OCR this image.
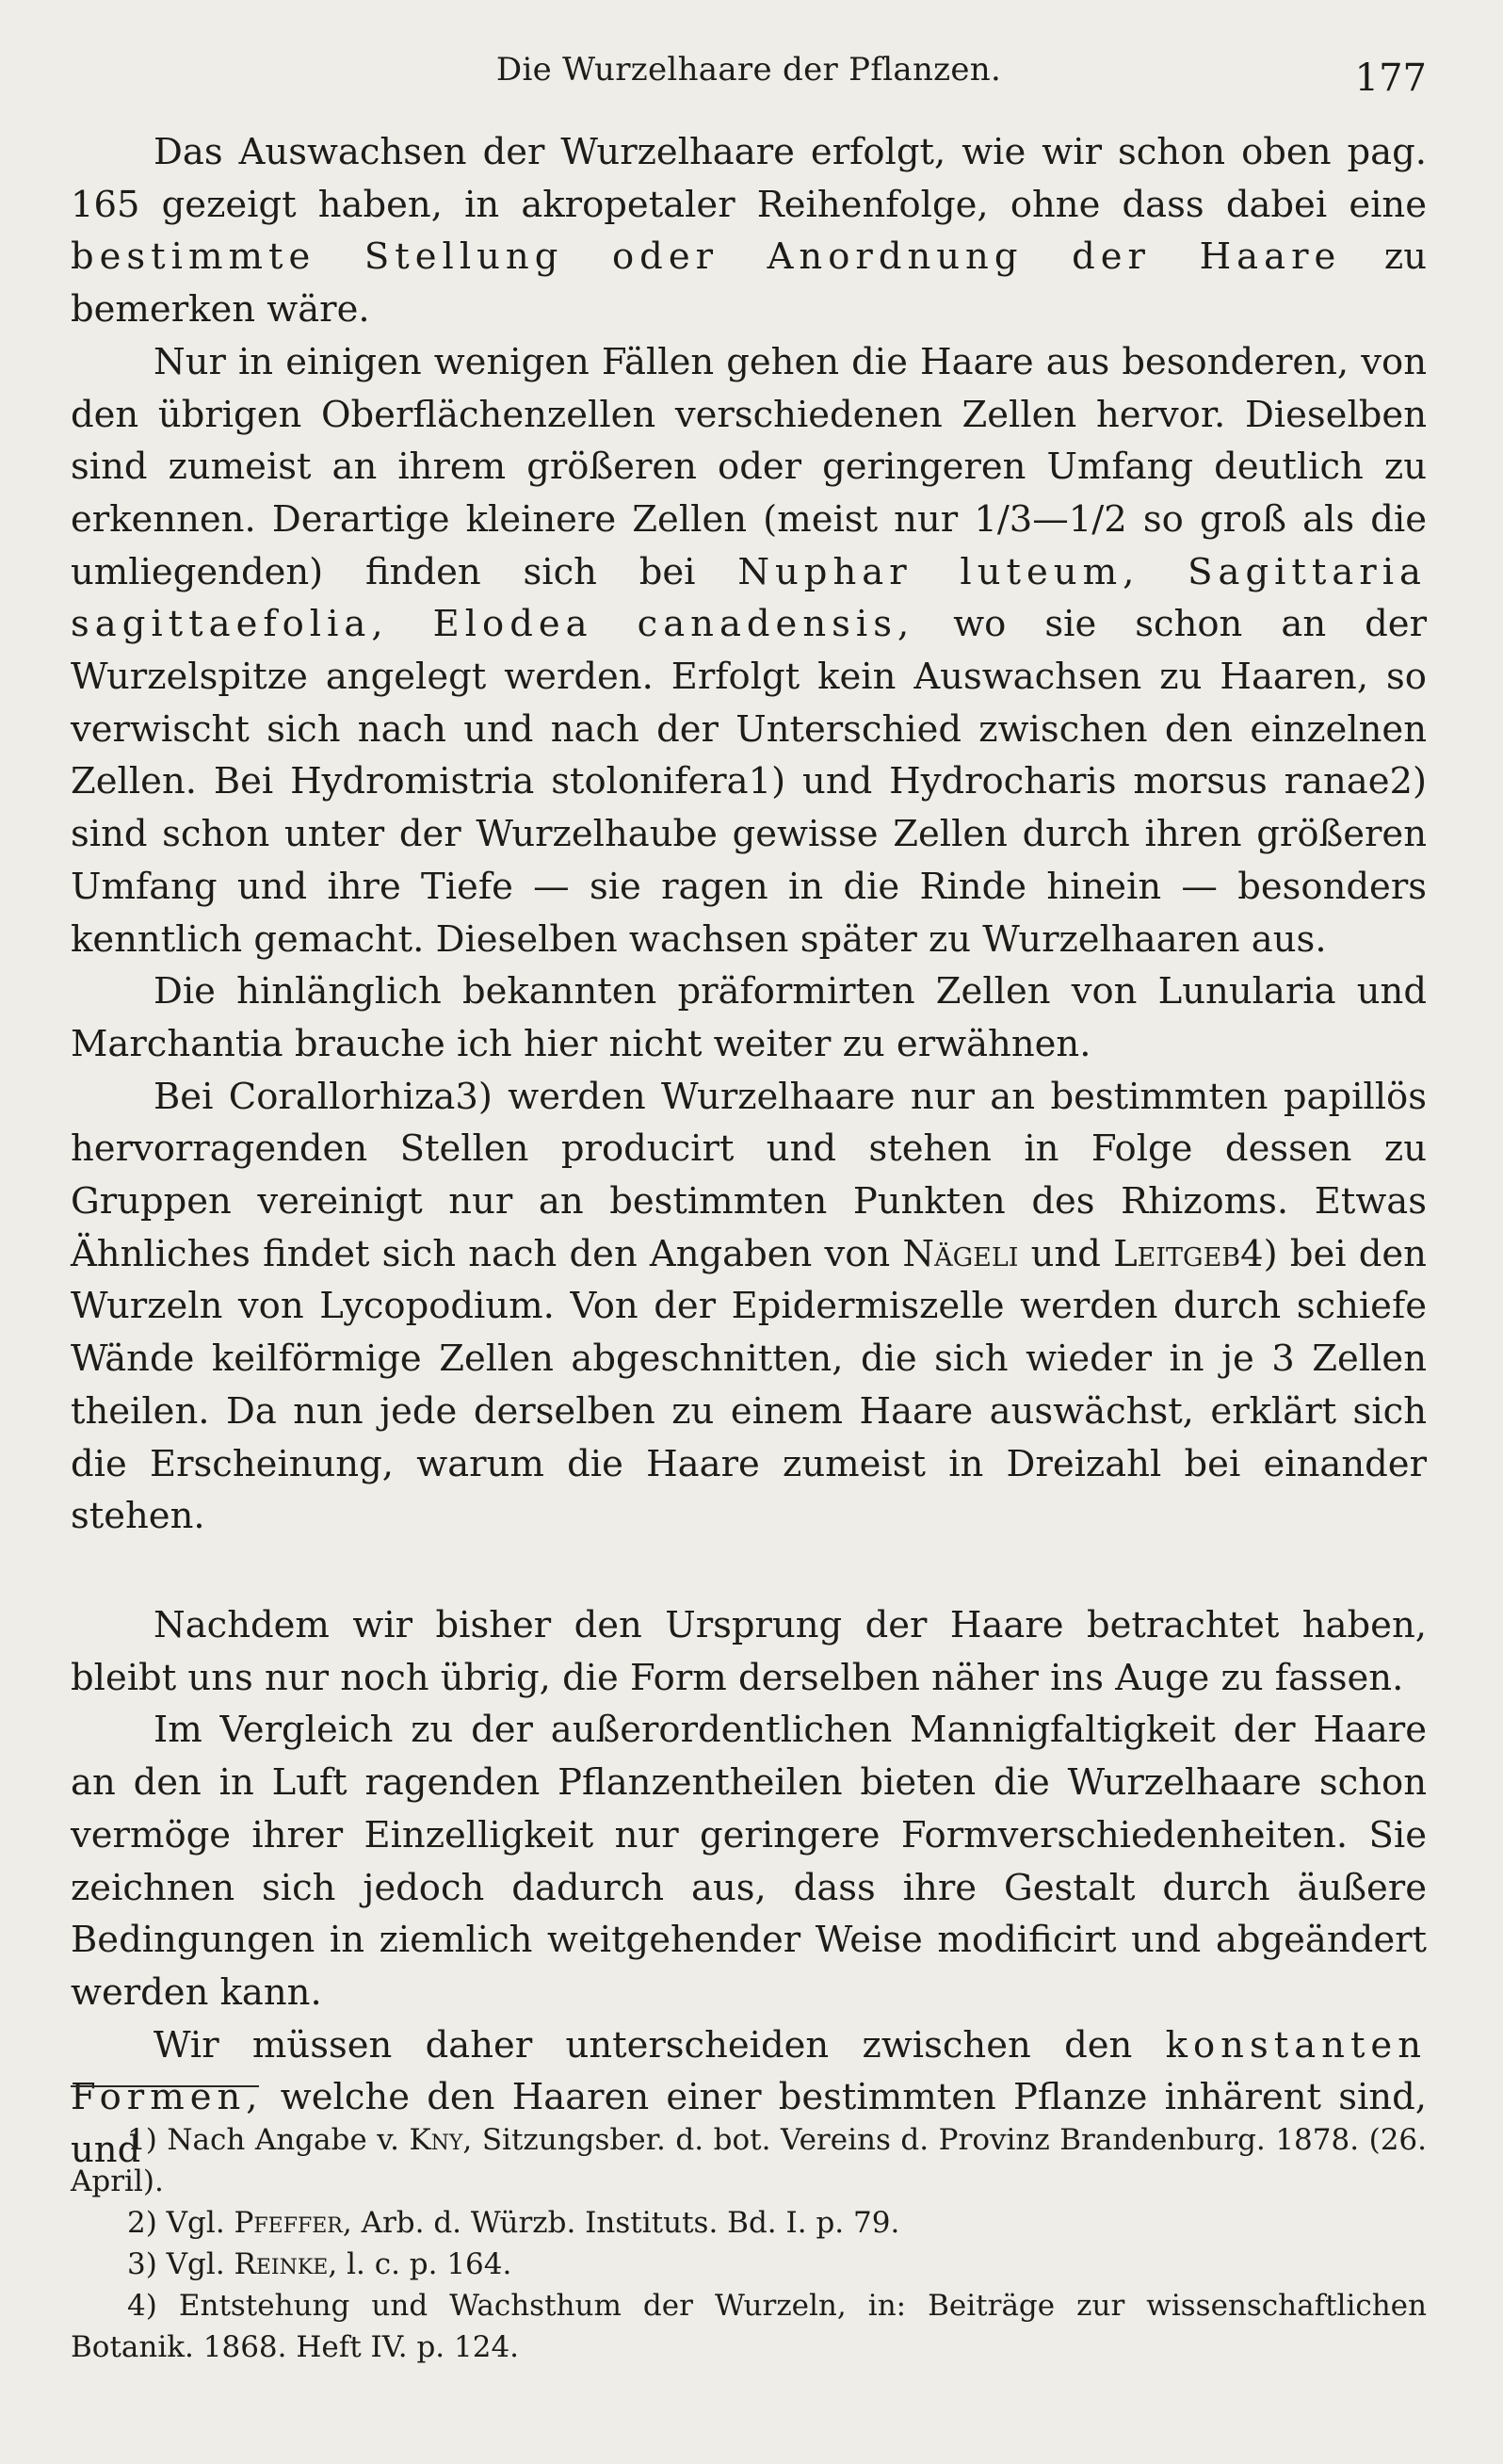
Die Wurzelhaare der Pflanzen.	177

Das Auswachsen der Wurzelhaare erfolgt, wie wir schon oben pag. 165 gezeigt haben, in akropetaler Reihenfolge, ohne dass dabei eine bestimmte Stellung oder Anordnung der Haare zu bemerken wäre.

Nur in einigen wenigen Fällen gehen die Haare aus besonderen, von den übrigen Oberflächenzellen verschiedenen Zellen hervor. Dieselben sind zumeist an ihrem größeren oder geringeren Umfang deutlich zu erkennen. Derartige kleinere Zellen (meist nur 1/3—1/2 so groß als die umliegenden) finden sich bei Nuphar luteum, Sagittaria sagittaefolia, Elodea canadensis, wo sie schon an der Wurzelspitze angelegt werden. Erfolgt kein Auswachsen zu Haaren, so verwischt sich nach und nach der Unterschied zwischen den einzelnen Zellen. Bei Hydromistria stolonifera1) und Hydrocharis morsus ranae2) sind schon unter der Wurzelhaube gewisse Zellen durch ihren größeren Umfang und ihre Tiefe — sie ragen in die Rinde hinein — besonders kenntlich gemacht. Dieselben wachsen später zu Wurzelhaaren aus.

Die hinlänglich bekannten präformirten Zellen von Lunularia und Marchantia brauche ich hier nicht weiter zu erwähnen.

Bei Corallorhiza3) werden Wurzelhaare nur an bestimmten papillös hervorragenden Stellen producirt und stehen in Folge dessen zu Gruppen vereinigt nur an bestimmten Punkten des Rhizoms. Etwas Ähnliches findet sich nach den Angaben von Nägeli und Leitgeb4) bei den Wurzeln von Lycopodium. Von der Epidermiszelle werden durch schiefe Wände keilförmige Zellen abgeschnitten, die sich wieder in je 3 Zellen theilen. Da nun jede derselben zu einem Haare auswächst, erklärt sich die Erscheinung, warum die Haare zumeist in Dreizahl bei einander stehen.

Nachdem wir bisher den Ursprung der Haare betrachtet haben, bleibt uns nur noch übrig, die Form derselben näher ins Auge zu fassen.

Im Vergleich zu der außerordentlichen Mannigfaltigkeit der Haare an den in Luft ragenden Pflanzentheilen bieten die Wurzelhaare schon vermöge ihrer Einzelligkeit nur geringere Formverschiedenheiten. Sie zeichnen sich jedoch dadurch aus, dass ihre Gestalt durch äußere Bedingungen in ziemlich weitgehender Weise modificirt und abgeändert werden kann.

Wir müssen daher unterscheiden zwischen den konstanten Formen, welche den Haaren einer bestimmten Pflanze inhärent sind, und

1) Nach Angabe v. Kny, Sitzungsber. d. bot. Vereins d. Provinz Brandenburg. 1878. (26. April).

2) Vgl. Pfeffer, Arb. d. Würzb. Instituts. Bd. I. p. 79.

3) Vgl. Reinke, l. c. p. 164.

4) Entstehung und Wachsthum der Wurzeln, in: Beiträge zur wissenschaftlichen Botanik. 1868. Heft IV. p. 124.
